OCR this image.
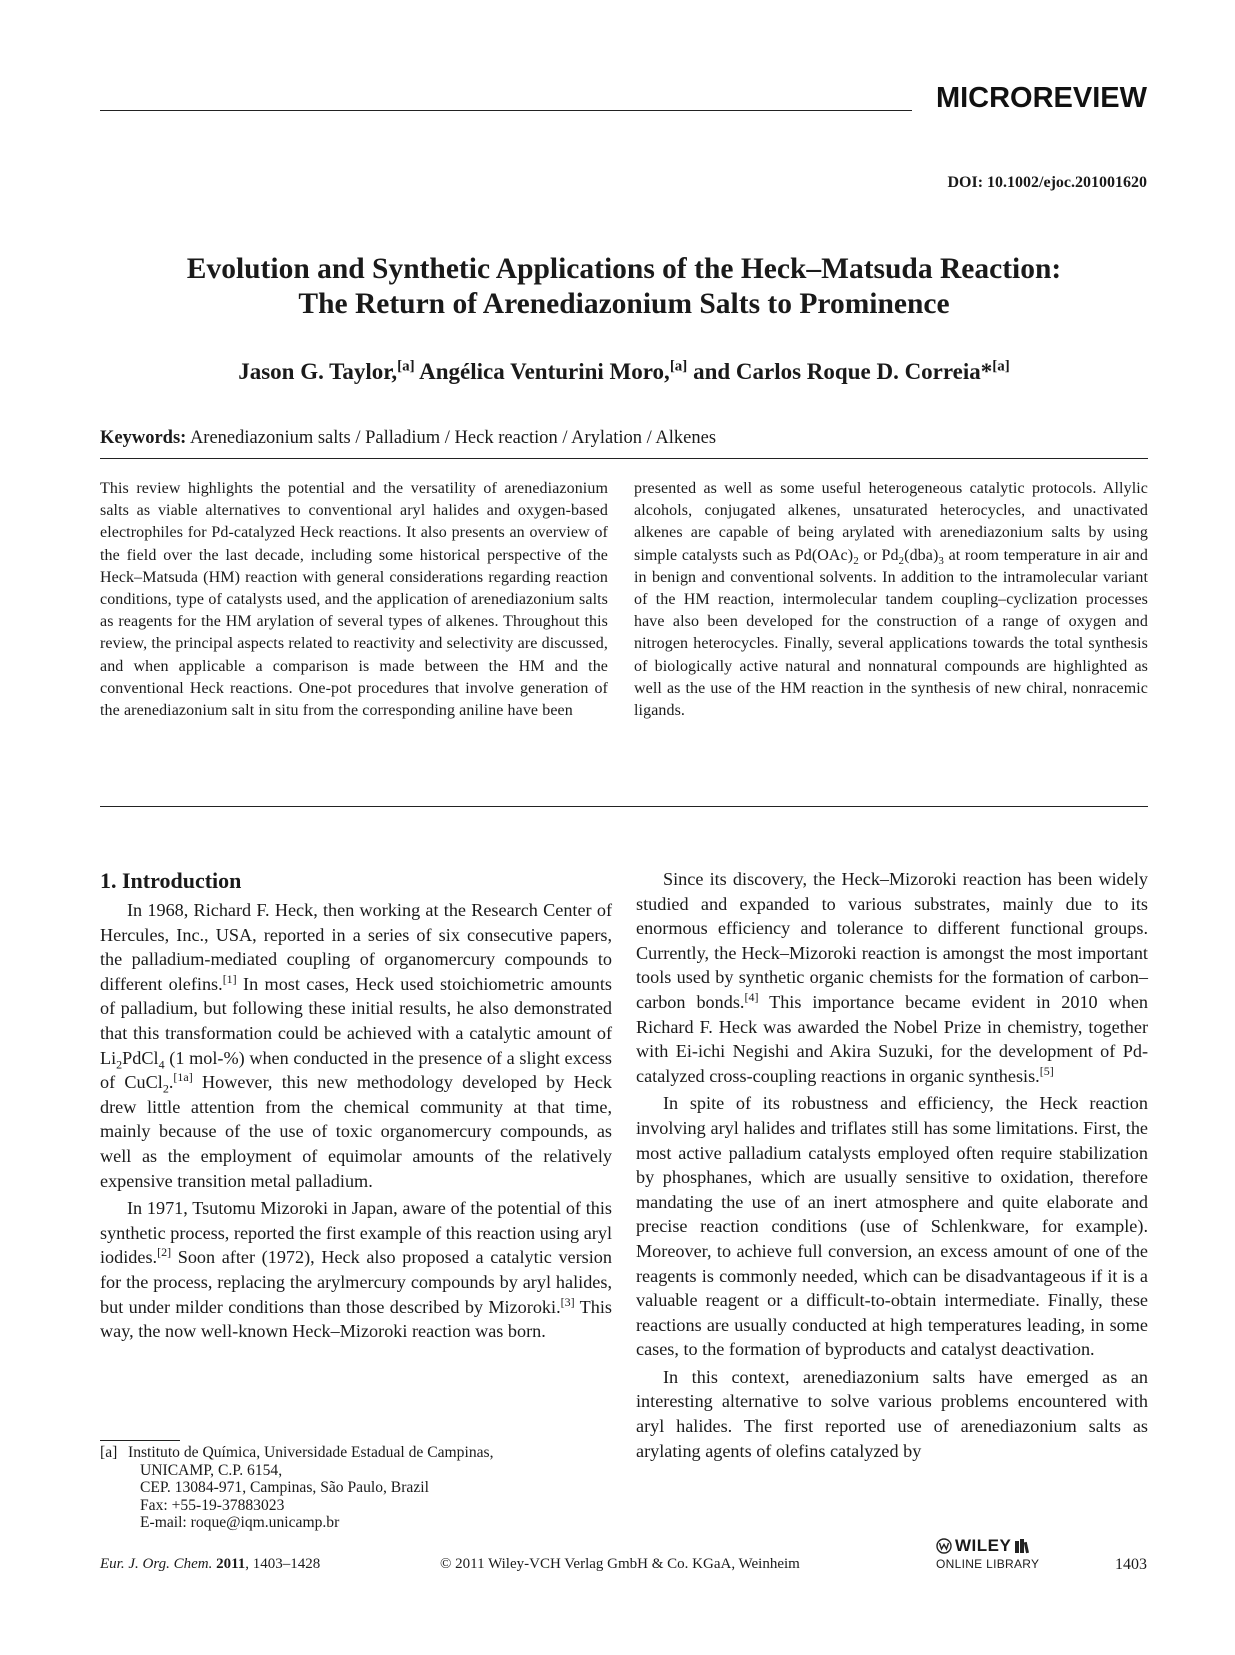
MICROREVIEW
DOI: 10.1002/ejoc.201001620
Evolution and Synthetic Applications of the Heck–Matsuda Reaction:
The Return of Arenediazonium Salts to Prominence
Jason G. Taylor,[a] Angélica Venturini Moro,[a] and Carlos Roque D. Correia*[a]
Keywords: Arenediazonium salts / Palladium / Heck reaction / Arylation / Alkenes
This review highlights the potential and the versatility of arenediazonium salts as viable alternatives to conventional aryl halides and oxygen-based electrophiles for Pd-catalyzed Heck reactions. It also presents an overview of the field over the last decade, including some historical perspective of the Heck–Matsuda (HM) reaction with general considerations regarding reaction conditions, type of catalysts used, and the application of arenediazonium salts as reagents for the HM arylation of several types of alkenes. Throughout this review, the principal aspects related to reactivity and selectivity are discussed, and when applicable a comparison is made between the HM and the conventional Heck reactions. One-pot procedures that involve generation of the arenediazonium salt in situ from the corresponding aniline have been
presented as well as some useful heterogeneous catalytic protocols. Allylic alcohols, conjugated alkenes, unsaturated heterocycles, and unactivated alkenes are capable of being arylated with arenediazonium salts by using simple catalysts such as $Pd(OAc)_2$ or $Pd_2(dba)_3$ at room temperature in air and in benign and conventional solvents. In addition to the intramolecular variant of the HM reaction, intermolecular tandem coupling–cyclization processes have also been developed for the construction of a range of oxygen and nitrogen heterocycles. Finally, several applications towards the total synthesis of biologically active natural and nonnatural compounds are highlighted as well as the use of the HM reaction in the synthesis of new chiral, nonracemic ligands.
1. Introduction

In 1968, Richard F. Heck, then working at the Research Center of Hercules, Inc., USA, reported in a series of six consecutive papers, the palladium-mediated coupling of organomercury compounds to different olefins.[1] In most cases, Heck used stoichiometric amounts of palladium, but following these initial results, he also demonstrated that this transformation could be achieved with a catalytic amount of $Li_2PdCl_4$ (1 mol-%) when conducted in the presence of a slight excess of CuCl$_2$.[1a] However, this new methodology developed by Heck drew little attention from the chemical community at that time, mainly because of the use of toxic organomercury compounds, as well as the employment of equimolar amounts of the relatively expensive transition metal palladium.

In 1971, Tsutomu Mizoroki in Japan, aware of the potential of this synthetic process, reported the first example of this reaction using aryl iodides.[2] Soon after (1972), Heck also proposed a catalytic version for the process, replacing the arylmercury compounds by aryl halides, but under milder conditions than those described by Mizoroki.[3] This way, the now well-known Heck–Mizoroki reaction was born.

[a] Instituto de Química, Universidade Estadual de Campinas,
UNICAMP, C.P. 6154,
CEP. 13084-971, Campinas, São Paulo, Brazil
Fax: +55-19-37883023
E-mail: roque@iqm.unicamp.br

Since its discovery, the Heck–Mizoroki reaction has been widely studied and expanded to various substrates, mainly due to its enormous efficiency and tolerance to different functional groups. Currently, the Heck–Mizoroki reaction is amongst the most important tools used by synthetic organic chemists for the formation of carbon–carbon bonds.[4] This importance became evident in 2010 when Richard F. Heck was awarded the Nobel Prize in chemistry, together with Ei-ichi Negishi and Akira Suzuki, for the development of Pd-catalyzed cross-coupling reactions in organic synthesis.[5]

In spite of its robustness and efficiency, the Heck reaction involving aryl halides and triflates still has some limitations. First, the most active palladium catalysts employed often require stabilization by phosphanes, which are usually sensitive to oxidation, therefore mandating the use of an inert atmosphere and quite elaborate and precise reaction conditions (use of Schlenkware, for example). Moreover, to achieve full conversion, an excess amount of one of the reagents is commonly needed, which can be disadvantageous if it is a valuable reagent or a difficult-to-obtain intermediate. Finally, these reactions are usually conducted at high temperatures leading, in some cases, to the formation of byproducts and catalyst deactivation.

In this context, arenediazonium salts have emerged as an interesting alternative to solve various problems encountered with aryl halides. The first reported use of arenediazonium salts as arylating agents of olefins catalyzed by

Eur. J. Org. Chem. 2011, 1403–1428	© 2011 Wiley-VCH Verlag GmbH & Co. KGaA, Weinheim
WILEY
ONLINE LIBRARY	1403
